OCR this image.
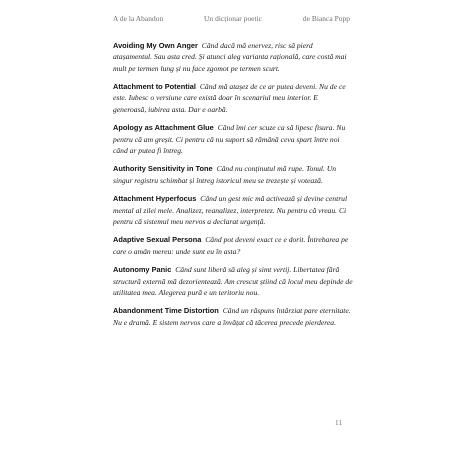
A de la Abandon	Un dicționar poetic	de Bianca Popp

Avoiding My Own Anger Când dacă mă enervez, risc să pierd atașamentul. Sau asta cred. Și atunci aleg varianta rațională, care costă mai mult pe termen lung și nu face zgomot pe termen scurt.

Attachment to Potential Când mă atașez de ce ar putea deveni. Nu de ce este. Iubesc o versiune care există doar în scenariul meu interior. E generoasă, iubirea asta. Dar e oarbă.

Apology as Attachment Glue Când îmi cer scuze ca să lipesc fisura. Nu pentru că am greșit. Ci pentru că nu suport să rămână ceva spart între noi când ar putea fi întreg.

Authority Sensitivity in Tone Când nu conținutul mă rupe. Tonul. Un singur registru schimbat și întreg istoricul meu se trezește și votează.

Attachment Hyperfocus Când un gest mic mă activează și devine centrul mental al zilei mele. Analizez, reanalizez, interpretez. Nu pentru că vreau. Ci pentru că sistemul meu nervos a declarat urgență.

Adaptive Sexual Persona Când pot deveni exact ce e dorit. Întrebarea pe care o amân mereu: unde sunt eu în asta?

Autonomy Panic Când sunt liberă să aleg și simt vertij. Libertatea fără structură externă mă dezorientează. Am crescut știind că locul meu depinde de utilitatea mea. Alegerea pură e un teritoriu nou.

Abandonment Time Distortion Când un răspuns întârziat pare eternitate. Nu e dramă. E sistem nervos care a învățat că tăcerea precede pierderea.

11
